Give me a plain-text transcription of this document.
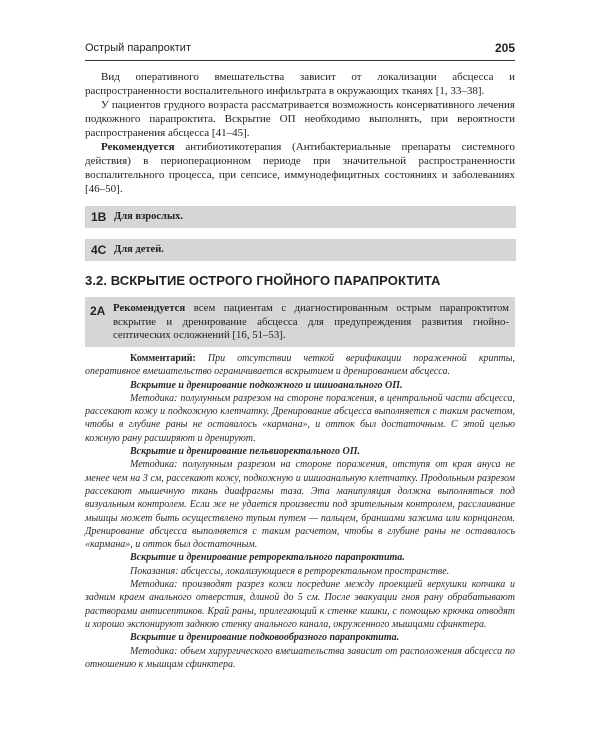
Острый парапроктит	205

Вид оперативного вмешательства зависит от локализации абсцесса и распространенности воспалительного инфильтрата в окружающих тканях [1, 33–38].

У пациентов грудного возраста рассматривается возможность консервативного лечения подкожного парапроктита. Вскрытие ОП необходимо выполнять, при вероятности распространения абсцесса [41–45].

Рекомендуется антибиотикотерапия (Антибактериальные препараты системного действия) в периоперационном периоде при значительной распространенности воспалительного процесса, при сепсисе, иммунодефицитных состояниях и заболеваниях [46–50].

1B Для взрослых.
4C Для детей.
3.2. ВСКРЫТИЕ ОСТРОГО ГНОЙНОГО ПАРАПРОКТИТА
2A Рекомендуется всем пациентам с диагностированным острым парапроктитом вскрытие и дренирование абсцесса для предупреждения развития гнойно-септических осложнений [16, 51–53].

Комментарий: При отсутствии четкой верификации пораженной крипты, оперативное вмешательство ограничивается вскрытием и дренированием абсцесса.

Вскрытие и дренирование подкожного и ишиоанального ОП.

Методика: полулунным разрезом на стороне поражения, в центральной части абсцесса, рассекают кожу и подкожную клетчатку. Дренирование абсцесса выполняется с таким расчетом, чтобы в глубине раны не оставалось «кармана», и отток был достаточным. С этой целью кожную рану расширяют и дренируют.

Вскрытие и дренирование пельвиоректального ОП.

Методика: полулунным разрезом на стороне поражения, отступя от края ануса не менее чем на 3 см, рассекают кожу, подкожную и ишиоанальную клетчатку. Продольным разрезом рассекают мышечную ткань диафрагмы таза. Эта манипуляция должна выполняться под визуальным контролем. Если же не удается произвести под зрительным контролем, расслаивание мышцы может быть осуществлено тупым путем — пальцем, браншами зажима или корнцангом. Дренирование абсцесса выполняется с таким расчетом, чтобы в глубине раны не оставалось «кармана», и отток был достаточным.

Вскрытие и дренирование ретроректального парапроктита.

Показания: абсцессы, локализующиеся в ретроректальном пространстве.

Методика: производят разрез кожи посредине между проекцией верхушки копчика и задним краем анального отверстия, длиной до 5 см. После эвакуации гноя рану обрабатывают растворами антисептиков. Край раны, прилегающий к стенке кишки, с помощью крючка отводят и хорошо экспонируют заднюю стенку анального канала, окруженного мышцами сфинктера.

Вскрытие и дренирование подковообразного парапроктита.

Методика: объем хирургического вмешательства зависит от расположения абсцесса по отношению к мышцам сфинктера.
